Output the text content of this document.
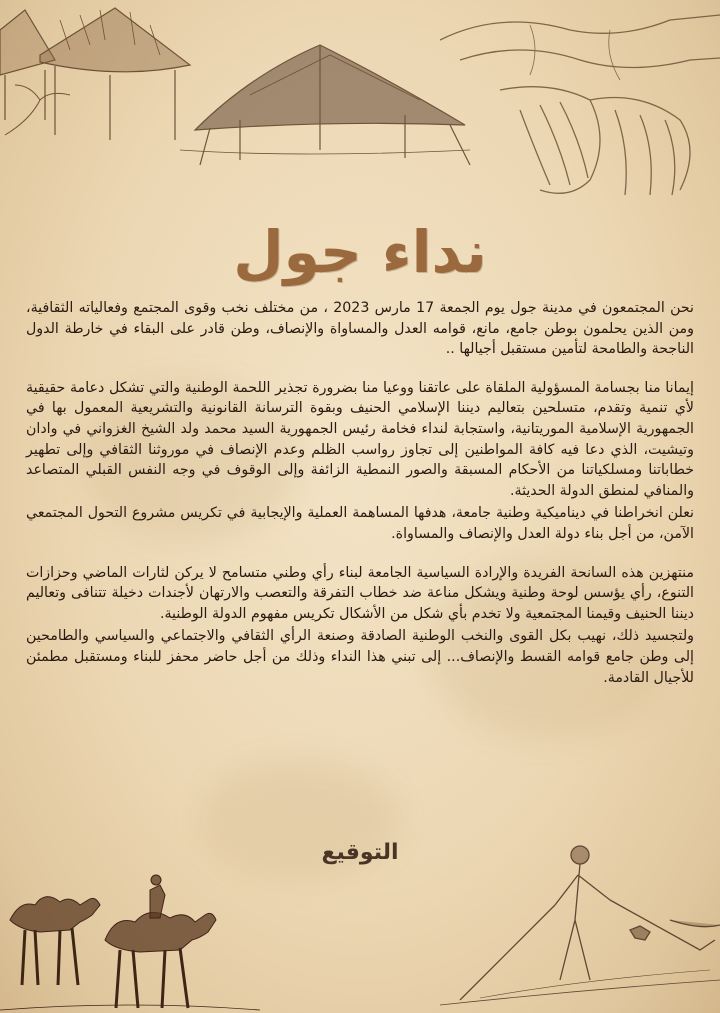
نداء جول

نحن المجتمعون في مدينة جول يوم الجمعة 17 مارس 2023 ، من مختلف نخب وقوى المجتمع وفعالياته الثقافية، ومن الذين يحلمون بوطن جامع، مانع، قوامه العدل والمساواة والإنصاف، وطن قادر على البقاء في خارطة الدول الناجحة والطامحة لتأمين مستقبل أجيالها ..

إيمانا منا بجسامة المسؤولية الملقاة على عاتقنا ووعيا منا بضرورة تجذير اللحمة الوطنية والتي تشكل دعامة حقيقية لأي تنمية وتقدم، متسلحين بتعاليم ديننا الإسلامي الحنيف وبقوة الترسانة القانونية والتشريعية المعمول بها في الجمهورية الإسلامية الموريتانية، واستجابة لنداء فخامة رئيس الجمهورية السيد محمد ولد الشيخ الغزواني في وادان وتيشيت، الذي دعا فيه كافة المواطنين إلى تجاوز رواسب الظلم وعدم الإنصاف في موروثنا الثقافي وإلى تطهير خطاباتنا ومسلكياتنا من الأحكام المسبقة والصور النمطية الزائفة وإلى الوقوف في وجه النفس القبلي المتصاعد والمنافي لمنطق الدولة الحديثة.

نعلن انخراطنا في ديناميكية وطنية جامعة، هدفها المساهمة العملية والإيجابية في تكريس مشروع التحول المجتمعي الآمن، من أجل بناء دولة العدل والإنصاف والمساواة.

منتهزين هذه السانحة الفريدة والإرادة السياسية الجامعة لبناء رأي وطني متسامح لا يركن لثارات الماضي وحزازات التنوع، رأي يؤسس لوحة وطنية ويشكل مناعة ضد خطاب التفرقة والتعصب والارتهان لأجندات دخيلة تتنافى وتعاليم ديننا الحنيف وقيمنا المجتمعية ولا تخدم بأي شكل من الأشكال تكريس مفهوم الدولة الوطنية.

ولتجسيد ذلك، نهيب بكل القوى والنخب الوطنية الصادقة وصنعة الرأي الثقافي والاجتماعي والسياسي والطامحين إلى وطن جامع قوامه القسط والإنصاف... إلى تبني هذا النداء وذلك من أجل حاضر محفز للبناء ومستقبل مطمئن للأجيال القادمة.

التوقيع
